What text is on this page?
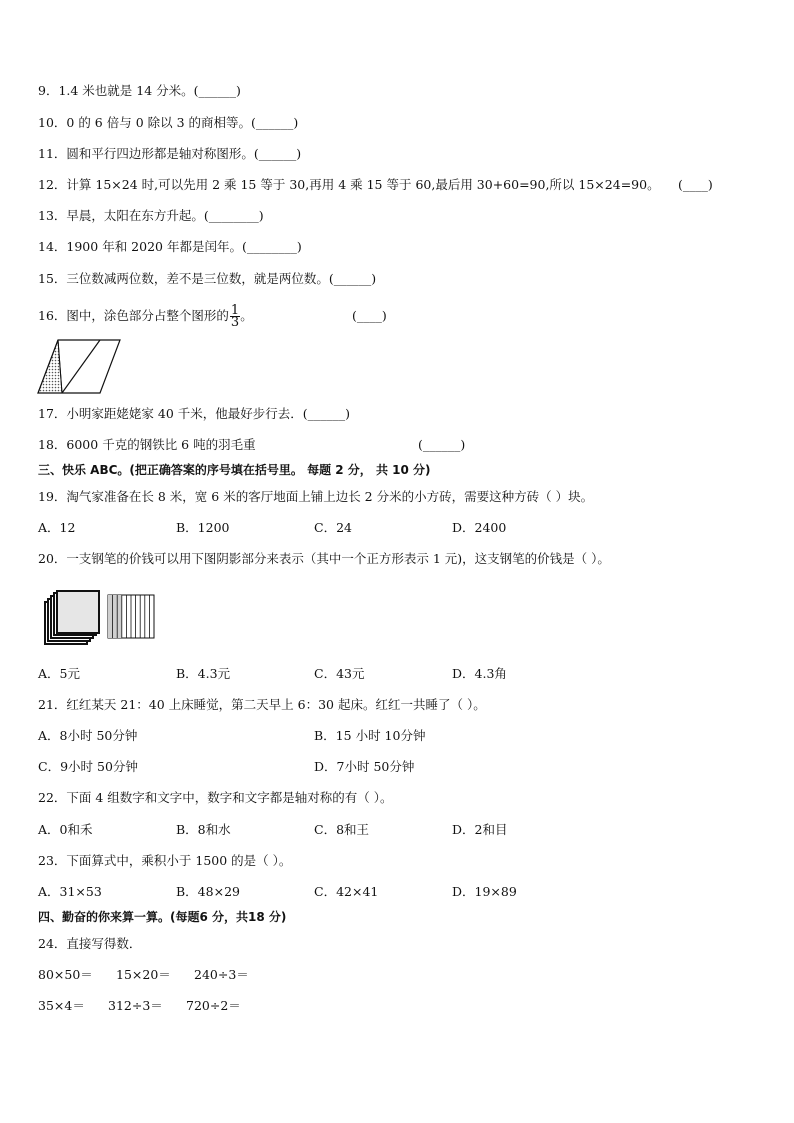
9．1.4 米也就是 14 分米。(______)
10．0 的 6 倍与 0 除以 3 的商相等。(______)
11．圆和平行四边形都是轴对称图形。(______)
12．计算 15×24 时,可以先用 2 乘 15 等于 30,再用 4 乘 15 等于 60,最后用 30+60=90,所以 15×24=90。 (____)
13．早晨，太阳在东方升起。(________)
14．1900 年和 2020 年都是闰年。(________)
15．三位数减两位数，差不是三位数，就是两位数。(______)
16．图中，涂色部分占整个图形的 $\frac{1}{3}$ 。	(____)
17．小明家距姥姥家 40 千米，他最好步行去．(______)
18．6000 千克的钢铁比 6 吨的羽毛重	(______)
三、快乐 ABC。(把正确答案的序号填在括号里。 每题 2 分， 共 10 分)
19．淘气家准备在长 8 米，宽 6 米的客厅地面上铺上边长 2 分米的小方砖，需要这种方砖（ ）块。
A．12	B．1200	C．24	D．2400
20．一支钢笔的价钱可以用下图阴影部分来表示（其中一个正方形表示 1 元)，这支钢笔的价钱是（ ）。
A．5元	B．4.3元	C．43元	D．4.3角
21．红红某天 21：40 上床睡觉，第二天早上 6：30 起床。红红一共睡了（ ）。
A．8小时 50分钟	B．15 小时 10分钟
C．9小时 50分钟	D．7小时 50分钟
22．下面 4 组数字和文字中，数字和文字都是轴对称的有（ ）。
A．0和禾	B．8和水	C．8和王	D．2和目
23．下面算式中，乘积小于 1500 的是（ ）。
A．31×53	B．48×29	C．42×41	D．19×89
四、勤奋的你来算一算。(每题6 分，共18 分)
24．直接写得数．
80×50＝ 15×20＝ 240÷3＝
35×4＝ 312÷3＝ 720÷2＝
